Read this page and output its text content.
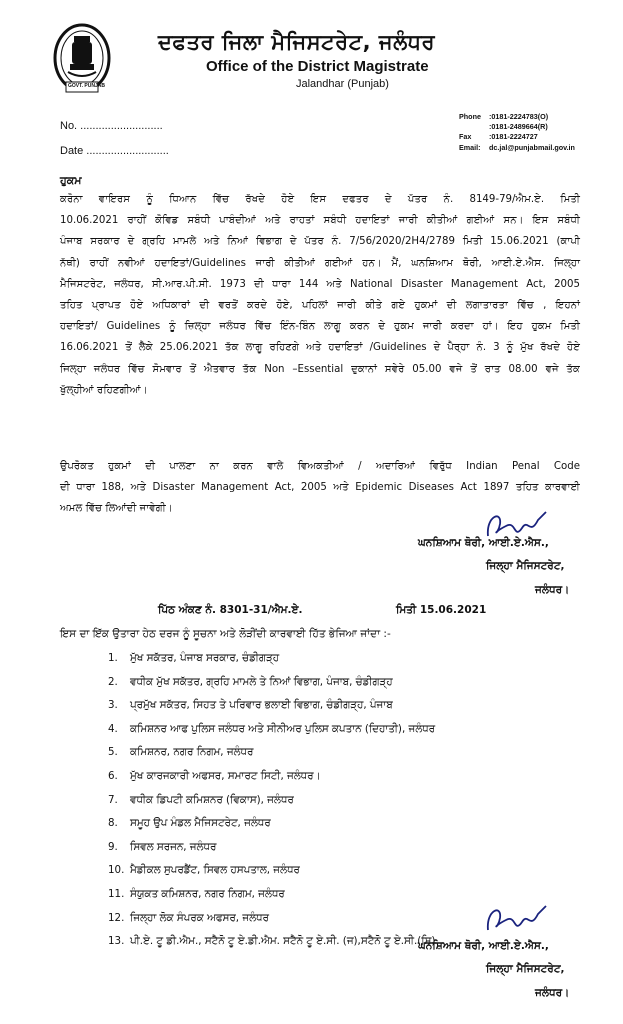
GOVT. PUNJAB
ਦਫਤਰ ਜਿਲਾ ਮੈਜਿਸਟਰੇਟ, ਜਲੰਧਰ
Office of the District Magistrate
Jalandhar (Punjab)
No. ...........................
Date ...........................
Phone	:0181-2224783(O)
:0181-2489664(R)
Fax	:0181-2224727
Email:	dc.jal@punjabmail.gov.in
ਹੁਕਮ
ਕਰੋਨਾ ਵਾਇਰਸ ਨੂੰ ਧਿਆਨ ਵਿੱਚ ਰੱਖਦੇ ਹੋਏ ਇਸ ਦਫਤਰ ਦੇ ਪੱਤਰ ਨੰ. 8149-79/ਐਮ.ਏ. ਮਿਤੀ
10.06.2021 ਰਾਹੀਂ ਕੋਵਿਡ ਸਬੰਧੀ ਪਾਬੰਦੀਆਂ ਅਤੇ ਰਾਹਤਾਂ ਸਬੰਧੀ ਹਦਾਇਤਾਂ ਜਾਰੀ ਕੀਤੀਆਂ ਗਈਆਂ ਸਨ। ਇਸ ਸਬੰਧੀ
ਪੰਜਾਬ ਸਰਕਾਰ ਦੇ ਗ੍ਰਹਿ ਮਾਮਲੇ ਅਤੇ ਨਿਆਂ ਵਿਭਾਗ ਦੇ ਪੱਤਰ ਨੰ. 7/56/2020/2H4/2789 ਮਿਤੀ 15.06.2021 (ਕਾਪੀ
ਨੱਥੀ) ਰਾਹੀਂ ਨਵੀਆਂ ਹਦਾਇਤਾਂ/Guidelines ਜਾਰੀ ਕੀਤੀਆਂ ਗਈਆਂ ਹਨ। ਮੈਂ, ਘਨਸ਼ਿਆਮ ਥੋਰੀ, ਆਈ.ਏ.ਐਸ. ਜਿਲ੍ਹਾ
ਮੈਜਿਸਟਰੇਟ, ਜਲੰਧਰ, ਸੀ.ਆਰ.ਪੀ.ਸੀ. 1973 ਦੀ ਧਾਰਾ 144 ਅਤੇ National Disaster Management Act, 2005
ਤਹਿਤ ਪ੍ਰਾਪਤ ਹੋਏ ਅਧਿਕਾਰਾਂ ਦੀ ਵਰਤੋਂ ਕਰਦੇ ਹੋਏ, ਪਹਿਲਾਂ ਜਾਰੀ ਕੀਤੇ ਗਏ ਹੁਕਮਾਂ ਦੀ ਲਗਾਤਾਰਤਾ ਵਿੱਚ , ਇਹਨਾਂ
ਹਦਾਇਤਾਂ/ Guidelines ਨੂੰ ਜ਼ਿਲ੍ਹਾ ਜਲੰਧਰ ਵਿੱਚ ਇੰਨ-ਬਿੰਨ ਲਾਗੂ ਕਰਨ ਦੇ ਹੁਕਮ ਜਾਰੀ ਕਰਦਾ ਹਾਂ। ਇਹ ਹੁਕਮ ਮਿਤੀ
16.06.2021 ਤੋਂ ਲੈਕੇ 25.06.2021 ਤੱਕ ਲਾਗੂ ਰਹਿਣਗੇ ਅਤੇ ਹਦਾਇਤਾਂ /Guidelines ਦੇ ਪੈਰ੍ਹਾ ਨੰ. 3 ਨੂੰ ਮੁੱਖ ਰੱਖਦੇ ਹੋਏ
ਜਿਲ੍ਹਾ ਜਲੰਧਰ ਵਿੱਚ ਸੋਮਵਾਰ ਤੋਂ ਐਤਵਾਰ ਤੱਕ Non –Essential ਦੁਕਾਨਾਂ ਸਵੇਰੇ 05.00 ਵਜੇ ਤੋਂ ਰਾਤ 08.00 ਵਜੇ ਤੱਕ
ਖੁੱਲ੍ਹੀਆਂ ਰਹਿਣਗੀਆਂ।
ਉਪਰੋਕਤ ਹੁਕਮਾਂ ਦੀ ਪਾਲਣਾ ਨਾ ਕਰਨ ਵਾਲੇ ਵਿਅਕਤੀਆਂ / ਅਦਾਰਿਆਂ ਵਿਰੁੱਧ Indian Penal Code
ਦੀ ਧਾਰਾ 188, ਅਤੇ Disaster Management Act, 2005 ਅਤੇ Epidemic Diseases Act 1897 ਤਹਿਤ ਕਾਰਵਾਈ
ਅਮਲ ਵਿੱਚ ਲਿਆਂਦੀ ਜਾਵੇਗੀ।
ਘਨਸ਼ਿਆਮ ਥੋਰੀ, ਆਈ.ਏ.ਐਸ.,
ਜਿਲ੍ਹਾ ਮੈਜਿਸਟਰੇਟ,
ਜਲੰਧਰ।
ਪਿੱਠ ਅੰਕਣ ਨੰ. 8301-31/ਐਮ.ਏ.	ਮਿਤੀ 15.06.2021
ਇਸ ਦਾ ਇੱਕ ਉਤਾਰਾ ਹੇਠ ਦਰਜ ਨੂੰ ਸੂਚਨਾ ਅਤੇ ਲੋੜੀਂਦੀ ਕਾਰਵਾਈ ਹਿੱਤ ਭੇਜਿਆ ਜਾਂਦਾ :-
1.	ਮੁੱਖ ਸਕੱਤਰ, ਪੰਜਾਬ ਸਰਕਾਰ, ਚੰਡੀਗੜ੍ਹ
2.	ਵਧੀਕ ਮੁੱਖ ਸਕੱਤਰ, ਗ੍ਰਹਿ ਮਾਮਲੇ ਤੇ ਨਿਆਂ ਵਿਭਾਗ, ਪੰਜਾਬ, ਚੰਡੀਗੜ੍ਹ
3.	ਪ੍ਰਮੁੱਖ ਸਕੱਤਰ, ਸਿਹਤ ਤੇ ਪਰਿਵਾਰ ਭਲਾਈ ਵਿਭਾਗ, ਚੰਡੀਗੜ੍ਹ, ਪੰਜਾਬ
4.	ਕਮਿਸ਼ਨਰ ਆਫ ਪੁਲਿਸ ਜਲੰਧਰ ਅਤੇ ਸੀਨੀਅਰ ਪੁਲਿਸ ਕਪਤਾਨ (ਦਿਹਾਤੀ), ਜਲੰਧਰ
5.	ਕਮਿਸ਼ਨਰ, ਨਗਰ ਨਿਗਮ, ਜਲੰਧਰ
6.	ਮੁੱਖ ਕਾਰਜਕਾਰੀ ਅਫਸਰ, ਸਮਾਰਟ ਸਿਟੀ, ਜਲੰਧਰ।
7.	ਵਧੀਕ ਡਿਪਟੀ ਕਮਿਸ਼ਨਰ (ਵਿਕਾਸ), ਜਲੰਧਰ
8.	ਸਮੂਹ ਉਪ ਮੰਡਲ ਮੈਜਿਸਟਰੇਟ, ਜਲੰਧਰ
9.	ਸਿਵਲ ਸਰਜਨ, ਜਲੰਧਰ
10. ਮੈਡੀਕਲ ਸੁਪਰਡੈਂਟ, ਸਿਵਲ ਹਸਪਤਾਲ, ਜਲੰਧਰ
11. ਸੰਯੁਕਤ ਕਮਿਸ਼ਨਰ, ਨਗਰ ਨਿਗਮ, ਜਲੰਧਰ
12. ਜਿਲ੍ਹਾ ਲੋਕ ਸੰਪਰਕ ਅਫਸਰ, ਜਲੰਧਰ
13. ਪੀ.ਏ. ਟੂ ਡੀ.ਐਮ., ਸਟੈਨੋ ਟੂ ਏ.ਡੀ.ਐਮ. ਸਟੈਨੋ ਟੂ ਏ.ਸੀ. (ਜ),ਸਟੈਨੋ ਟੂ ਏ.ਸੀ.(ਸਿ)
ਘਨਸ਼ਿਆਮ ਥੋਰੀ, ਆਈ.ਏ.ਐਸ.,
ਜਿਲ੍ਹਾ ਮੈਜਿਸਟਰੇਟ,
ਜਲੰਧਰ।
